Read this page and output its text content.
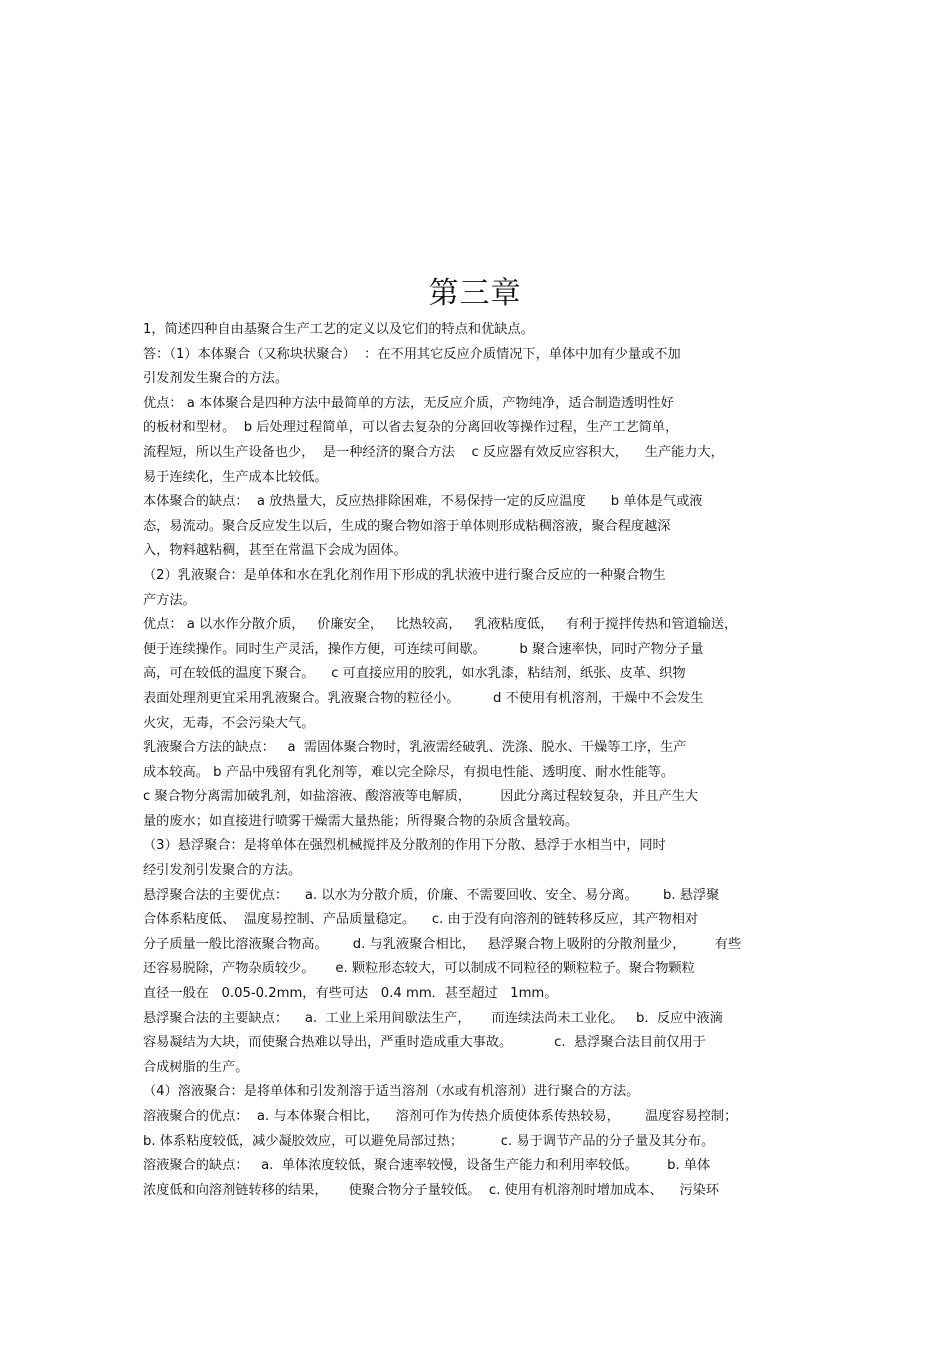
第三章
1，简述四种自由基聚合生产工艺的定义以及它们的特点和优缺点。
答：（1）本体聚合（又称块状聚合）  ：在不用其它反应介质情况下，单体中加有少量或不加
引发剂发生聚合的方法。
优点： a 本体聚合是四种方法中最简单的方法，无反应介质，产物纯净，适合制造透明性好
的板材和型材。  b 后处理过程简单，可以省去复杂的分离回收等操作过程，生产工艺简单，
流程短，所以生产设备也少，  是一种经济的聚合方法    c 反应器有效反应容积大，    生产能力大，
易于连续化，生产成本比较低。
本体聚合的缺点：  a 放热量大，反应热排除困难，不易保持一定的反应温度      b 单体是气或液
态，易流动。聚合反应发生以后，生成的聚合物如溶于单体则形成粘稠溶液，聚合程度越深
入，物料越粘稠，甚至在常温下会成为固体。
（2）乳液聚合：是单体和水在乳化剂作用下形成的乳状液中进行聚合反应的一种聚合物生
产方法。
优点： a 以水作分散介质，   价廉安全，   比热较高，   乳液粘度低，   有利于搅拌传热和管道输送，
便于连续操作。同时生产灵活，操作方便，可连续可间歇。        b 聚合速率快，同时产物分子量
高，可在较低的温度下聚合。    c 可直接应用的胶乳，如水乳漆，粘结剂，纸张、皮革、织物
表面处理剂更宜采用乳液聚合。乳液聚合物的粒径小。        d 不使用有机溶剂，干燥中不会发生
火灾，无毒，不会污染大气。
乳液聚合方法的缺点：   a  需固体聚合物时，乳液需经破乳、洗涤、脱水、干燥等工序，生产
成本较高。 b 产品中残留有乳化剂等，难以完全除尽，有损电性能、透明度、耐水性能等。
c 聚合物分离需加破乳剂，如盐溶液、酸溶液等电解质，       因此分离过程较复杂，并且产生大
量的废水；如直接进行喷雾干燥需大量热能；所得聚合物的杂质含量较高。
（3）悬浮聚合：是将单体在强烈机械搅拌及分散剂的作用下分散、悬浮于水相当中，同时
经引发剂引发聚合的方法。
悬浮聚合法的主要优点：    a. 以水为分散介质，价廉、不需要回收、安全、易分离。      b. 悬浮聚
合体系粘度低、  温度易控制、产品质量稳定。    c. 由于没有向溶剂的链转移反应，其产物相对
分子质量一般比溶液聚合物高。      d. 与乳液聚合相比，   悬浮聚合物上吸附的分散剂量少，       有些
还容易脱除，产物杂质较少。     e. 颗粒形态较大，可以制成不同粒径的颗粒粒子。聚合物颗粒
直径一般在   0.05-0.2mm，有些可达   0.4 mm．甚至超过   1mm。
悬浮聚合法的主要缺点：    a.  工业上采用间歇法生产，     而连续法尚未工业化。   b.  反应中液滴
容易凝结为大块，而使聚合热难以导出，严重时造成重大事故。          c.  悬浮聚合法目前仅用于
合成树脂的生产。
（4）溶液聚合：是将单体和引发剂溶于适当溶剂（水或有机溶剂）进行聚合的方法。
溶液聚合的优点：  a. 与本体聚合相比，    溶剂可作为传热介质使体系传热较易，      温度容易控制；
b. 体系粘度较低，减少凝胶效应，可以避免局部过热；         c. 易于调节产品的分子量及其分布。
溶液聚合的缺点：   a.  单体浓度较低，聚合速率较慢，设备生产能力和利用率较低。       b. 单体
浓度低和向溶剂链转移的结果，     使聚合物分子量较低。  c. 使用有机溶剂时增加成本、    污染环
